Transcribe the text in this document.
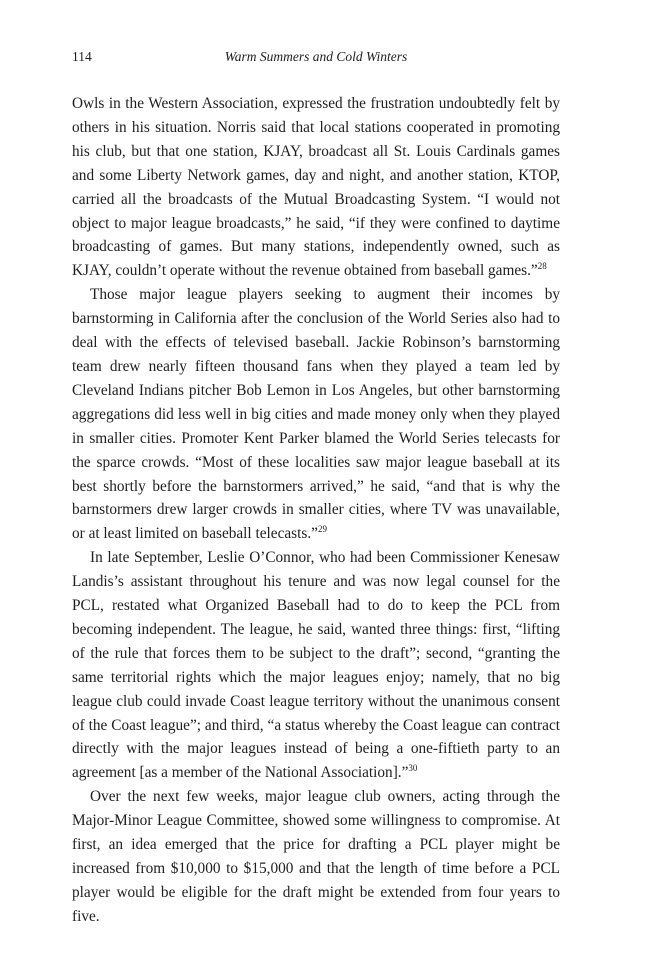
114	Warm Summers and Cold Winters

Owls in the Western Association, expressed the frustration undoubtedly felt by others in his situation. Norris said that local stations cooperated in promoting his club, but that one station, KJAY, broadcast all St. Louis Cardinals games and some Liberty Network games, day and night, and another station, KTOP, carried all the broadcasts of the Mutual Broadcasting System. “I would not object to major league broadcasts,” he said, “if they were confined to daytime broadcasting of games. But many stations, independently owned, such as KJAY, couldn’t operate without the revenue obtained from baseball games.”$^{28}$

Those major league players seeking to augment their incomes by barnstorming in California after the conclusion of the World Series also had to deal with the effects of televised baseball. Jackie Robinson’s barnstorming team drew nearly fifteen thousand fans when they played a team led by Cleveland Indians pitcher Bob Lemon in Los Angeles, but other barnstorming aggregations did less well in big cities and made money only when they played in smaller cities. Promoter Kent Parker blamed the World Series telecasts for the sparce crowds. “Most of these localities saw major league baseball at its best shortly before the barnstormers arrived,” he said, “and that is why the barnstormers drew larger crowds in smaller cities, where TV was unavailable, or at least limited on baseball telecasts.”$^{29}$

In late September, Leslie O’Connor, who had been Commissioner Kenesaw Landis’s assistant throughout his tenure and was now legal counsel for the PCL, restated what Organized Baseball had to do to keep the PCL from becoming independent. The league, he said, wanted three things: first, “lifting of the rule that forces them to be subject to the draft”; second, “granting the same territorial rights which the major leagues enjoy; namely, that no big league club could invade Coast league territory without the unanimous consent of the Coast league”; and third, “a status whereby the Coast league can contract directly with the major leagues instead of being a one-fiftieth party to an agreement [as a member of the National Association].”$^{30}$

Over the next few weeks, major league club owners, acting through the Major-Minor League Committee, showed some willingness to compromise. At first, an idea emerged that the price for drafting a PCL player might be increased from $10,000 to $15,000 and that the length of time before a PCL player would be eligible for the draft might be extended from four years to five.
